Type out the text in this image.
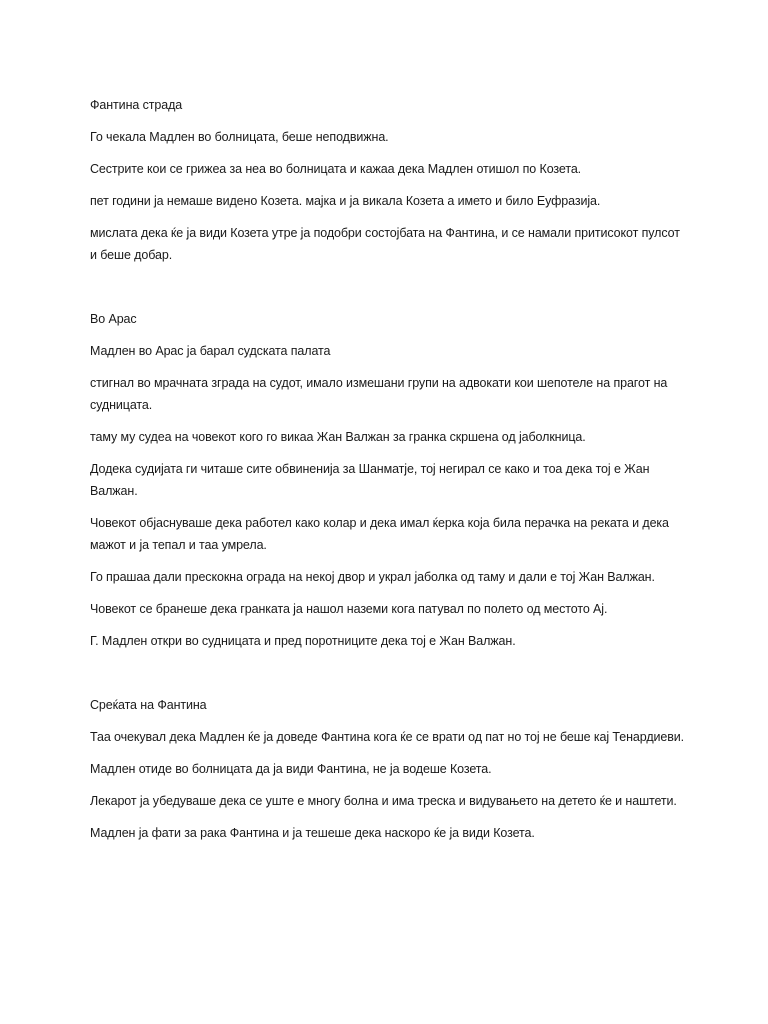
Фантина страда

Го чекала Мадлен во болницата, беше неподвижна.

Сестрите кои се грижеа за неа во болницата и кажаа дека Мадлен отишол по Козета.

пет години ја немаше видено Козета. мајка и ја викала Козета а името и било Еуфразија.

мислата дека ќе ја види Козета утре ја подобри состојбата на Фантина, и се намали притисокот пулсот и беше добар.

Во Арас

Мадлен во Арас ја барал судската палата

стигнал во мрачната зграда на судот, имало измешани групи на адвокати кои шепотеле на прагот на судницата.

таму му судеа на човекот кого го викаа Жан Валжан за гранка скршена од јаболкница.

Додека судијата ги читаше сите обвиненија за Шанматје, тој негирал се како и тоа дека тој е Жан Валжан.

Човекот објаснуваше дека работел како колар и дека имал ќерка која била перачка на реката и дека мажот и ја тепал и таа умрела.

Го прашаа дали прескокна ограда на некој двор и украл јаболка од таму и дали е тој Жан Валжан.

Човекот се бранеше дека гранката ја нашол наземи кога патувал по полето од местото Ај.

Г. Мадлен откри во судницата и пред поротниците дека тој е Жан Валжан.

Среќата на Фантина

Таа очекувал дека Мадлен ќе ја доведе Фантина кога ќе се врати од пат но тој не беше кај Тенардиеви.

Мадлен отиде во болницата да ја види Фантина, не ја водеше Козета.

Лекарот ја убедуваше дека се уште е многу болна и има треска и видувањето на детето ќе и наштети.

Мадлен ја фати за рака Фантина и ја тешеше дека наскоро ќе ја види Козета.
